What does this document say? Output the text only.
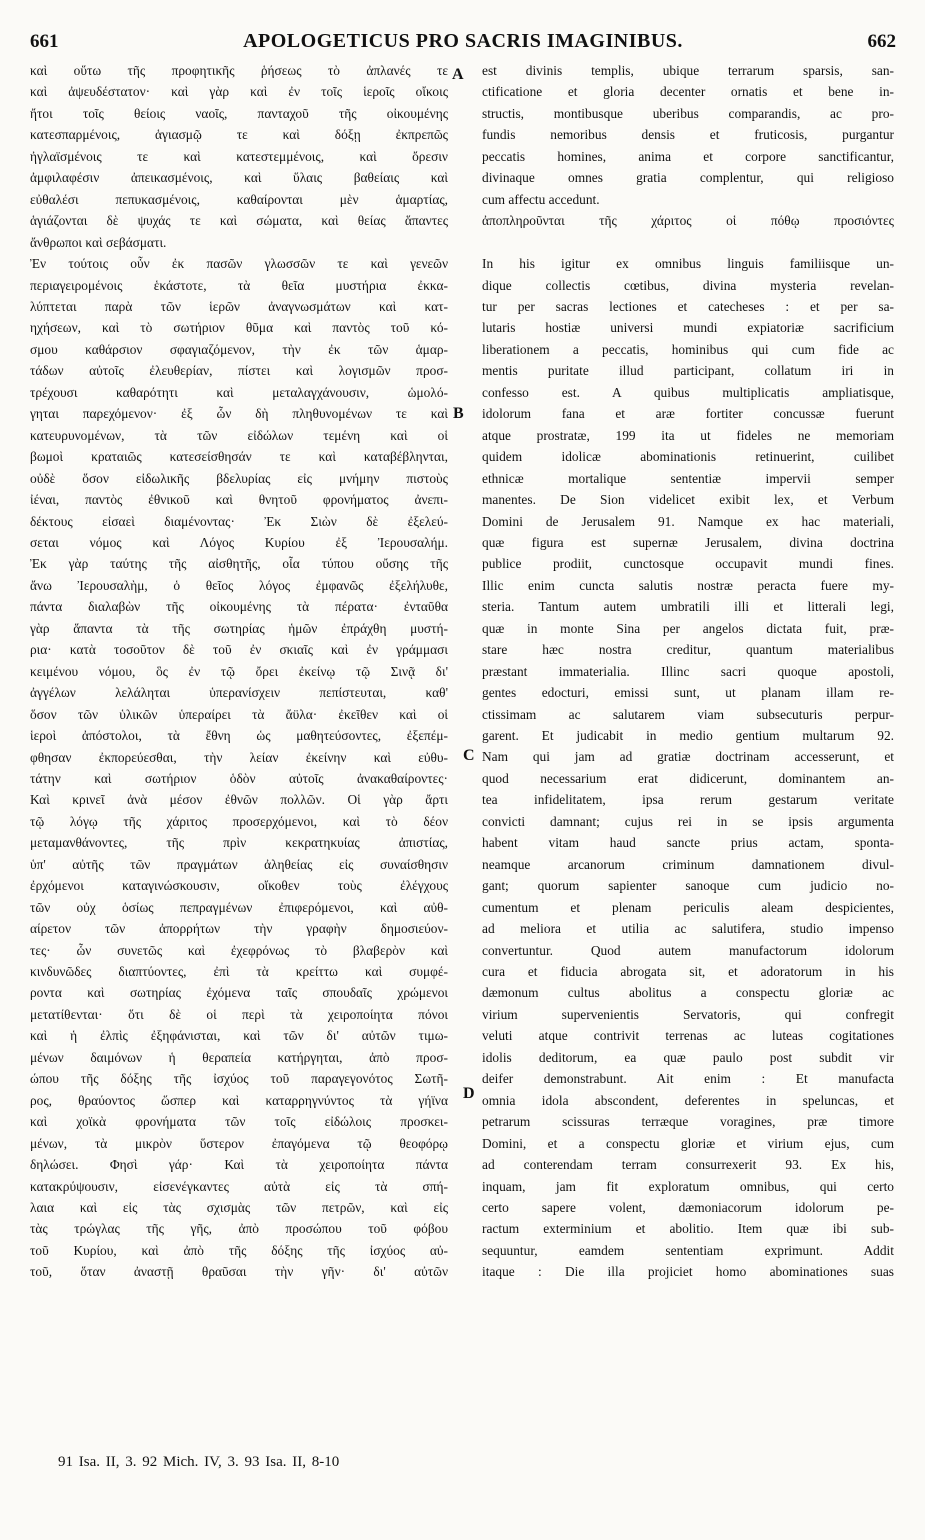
661	APOLOGETICUS PRO SACRIS IMAGINIBUS.	662

καὶ οὕτω τῆς προφητικῆς ῥήσεως τὸ ἀπλανές τε

καὶ ἀψευδέστατον· καὶ γὰρ καὶ ἐν τοῖς ἱεροῖς οἴκοις

ἤτοι τοῖς θείοις ναοῖς, πανταχοῦ τῆς οἰκουμένης

κατεσπαρμένοις, ἁγιασμῷ τε καὶ δόξῃ ἐκπρεπῶς

ἠγλαϊσμένοις τε καὶ κατεστεμμένοις, καὶ ὄρεσιν

ἀμφιλαφέσιν ἀπεικασμένοις, καὶ ὕλαις βαθείαις καὶ

εὐθαλέσι πεπυκασμένοις, καθαίρονται μὲν ἁμαρτίας,

ἁγιάζονται δὲ ψυχάς τε καὶ σώματα, καὶ θείας ἅπαντες

ἄνθρωποι καὶ σεβάσματι.

Ἐν τούτοις οὖν ἐκ πασῶν γλωσσῶν τε καὶ γενεῶν

περιαγειρομένοις ἑκάστοτε, τὰ θεῖα μυστήρια ἐκκα-

λύπτεται παρὰ τῶν ἱερῶν ἀναγνωσμάτων καὶ κατ-

ηχήσεων, καὶ τὸ σωτήριον θῦμα καὶ παντὸς τοῦ κό-

σμου καθάρσιον σφαγιαζόμενον, τὴν ἐκ τῶν ἁμαρ-

τάδων αὐτοῖς ἐλευθερίαν, πίστει καὶ λογισμῶν προσ-

τρέχουσι καθαρότητι καὶ μεταλαγχάνουσιν, ὡμολό-

γηται παρεχόμενον· ἐξ ὧν δὴ πληθυνομένων τε καὶ

κατευρυνομένων, τὰ τῶν εἰδώλων τεμένη καὶ οἱ

βωμοὶ κραταιῶς κατεσείσθησάν τε καὶ καταβέβληνται,

οὐδὲ ὅσον εἰδωλικῆς βδελυρίας εἰς μνήμην πιστοὺς

ἰέναι, παντὸς ἐθνικοῦ καὶ θνητοῦ φρονήματος ἀνεπι-

δέκτους εἰσαεὶ διαμένοντας· Ἐκ Σιὼν δὲ ἐξελεύ-

σεται νόμος καὶ Λόγος Κυρίου ἐξ Ἰερουσαλήμ.

Ἐκ γὰρ ταύτης τῆς αἰσθητῆς, οἷα τύπου οὔσης τῆς

ἄνω Ἰερουσαλὴμ, ὁ θεῖος λόγος ἐμφανῶς ἐξελήλυθε,

πάντα διαλαβὼν τῆς οἰκουμένης τὰ πέρατα· ἐνταῦθα

γὰρ ἅπαντα τὰ τῆς σωτηρίας ἡμῶν ἐπράχθη μυστή-

ρια· κατὰ τοσοῦτον δὲ τοῦ ἐν σκιαῖς καὶ ἐν γράμμασι

κειμένου νόμου, ὃς ἐν τῷ ὄρει ἐκείνῳ τῷ Σινᾷ δι'

ἀγγέλων λελάληται ὑπερανίσχειν πεπίστευται, καθ'

ὅσον τῶν ὑλικῶν ὑπεραίρει τὰ ἄϋλα· ἐκεῖθεν καὶ οἱ

ἱεροὶ ἀπόστολοι, τὰ ἔθνη ὡς μαθητεύσοντες, ἐξεπέμ-

φθησαν ἐκπορεύεσθαι, τὴν λείαν ἐκείνην καὶ εὐθυ-

τάτην καὶ σωτήριον ὁδὸν αὐτοῖς ἀνακαθαίροντες·

Καὶ κρινεῖ ἀνὰ μέσον ἐθνῶν πολλῶν. Οἱ γὰρ ἄρτι

τῷ λόγῳ τῆς χάριτος προσερχόμενοι, καὶ τὸ δέον

μεταμανθάνοντες, τῆς πρὶν κεκρατηκυίας ἀπιστίας,

ὑπ' αὐτῆς τῶν πραγμάτων ἀληθείας εἰς συναίσθησιν

ἐρχόμενοι καταγινώσκουσιν, οἴκοθεν τοὺς ἐλέγχους

τῶν οὐχ ὁσίως πεπραγμένων ἐπιφερόμενοι, καὶ αὐθ-

αίρετον τῶν ἀπορρήτων τὴν γραφὴν δημοσιεύον-

τες· ὧν συνετῶς καὶ ἐχεφρόνως τὸ βλαβερὸν καὶ

κινδυνῶδες διαπτύοντες, ἐπὶ τὰ κρείττω καὶ συμφέ-

ροντα καὶ σωτηρίας ἐχόμενα ταῖς σπουδαῖς χρώμενοι

μετατίθενται· ὅτι δὲ οἱ περὶ τὰ χειροποίητα πόνοι

καὶ ἡ ἐλπὶς ἐξηφάνισται, καὶ τῶν δι' αὐτῶν τιμω-

μένων δαιμόνων ἡ θεραπεία κατήργηται, ἀπὸ προσ-

ώπου τῆς δόξης τῆς ἰσχύος τοῦ παραγεγονότος Σωτῆ-

ρος, θραύοντος ὥσπερ καὶ καταρρηγνύντος τὰ γήϊνα

καὶ χοϊκὰ φρονήματα τῶν τοῖς εἰδώλοις προσκει-

μένων, τὰ μικρὸν ὕστερον ἐπαγόμενα τῷ θεοφόρῳ

δηλώσει. Φησὶ γάρ· Καὶ τὰ χειροποίητα πάντα

κατακρύψουσιν, εἰσενέγκαντες αὐτὰ εἰς τὰ σπή-

λαια καὶ εἰς τὰς σχισμὰς τῶν πετρῶν, καὶ εἰς

τὰς τρώγλας τῆς γῆς, ἀπὸ προσώπου τοῦ φόβου

τοῦ Κυρίου, καὶ ἀπὸ τῆς δόξης τῆς ἰσχύος αὐ-

τοῦ, ὅταν ἀναστῇ θραῦσαι τὴν γῆν· δι' αὐτῶν

est divinis templis, ubique terrarum sparsis, san-

ctificatione et gloria decenter ornatis et bene in-

structis, montibusque uberibus comparandis, ac pro-

fundis nemoribus densis et fruticosis, purgantur

peccatis homines, anima et corpore sanctificantur,

divinaque omnes gratia complentur, qui religioso

cum affectu accedunt.

ἀποπληροῦνται τῆς χάριτος οἱ πόθῳ προσιόντες

In his igitur ex omnibus linguis familiisque un-

dique collectis cœtibus, divina mysteria revelan-

tur per sacras lectiones et catecheses : et per sa-

lutaris hostiæ universi mundi expiatoriæ sacrificium

liberationem a peccatis, hominibus qui cum fide ac

mentis puritate illud participant, collatum iri in

confesso est. A quibus multiplicatis ampliatisque,

idolorum fana et aræ fortiter concussæ fuerunt

atque prostratæ, 199 ita ut fideles ne memoriam

quidem idolicæ abominationis retinuerint, cuilibet

ethnicæ mortalique sententiæ impervii semper

manentes. De Sion videlicet exibit lex, et Verbum

Domini de Jerusalem 91. Namque ex hac materiali,

quæ figura est supernæ Jerusalem, divina doctrina

publice prodiit, cunctosque occupavit mundi fines.

Illic enim cuncta salutis nostræ peracta fuere my-

steria. Tantum autem umbratili illi et litterali legi,

quæ in monte Sina per angelos dictata fuit, præ-

stare hæc nostra creditur, quantum materialibus

præstant immaterialia. Illinc sacri quoque apostoli,

gentes edocturi, emissi sunt, ut planam illam re-

ctissimam ac salutarem viam subsecuturis perpur-

garent. Et judicabit in medio gentium multarum 92.

Nam qui jam ad gratiæ doctrinam accesserunt, et

quod necessarium erat didicerunt, dominantem an-

tea infidelitatem, ipsa rerum gestarum veritate

convicti damnant; cujus rei in se ipsis argumenta

habent vitam haud sancte prius actam, sponta-

neamque arcanorum criminum damnationem divul-

gant; quorum sapienter sanoque cum judicio no-

cumentum et plenam periculis aleam despicientes,

ad meliora et utilia ac salutifera, studio impenso

convertuntur. Quod autem manufactorum idolorum

cura et fiducia abrogata sit, et adoratorum in his

dæmonum cultus abolitus a conspectu gloriæ ac

virium supervenientis Servatoris, qui confregit

veluti atque contrivit terrenas ac luteas cogitationes

idolis deditorum, ea quæ paulo post subdit vir

deifer demonstrabunt. Ait enim : Et manufacta

omnia idola abscondent, deferentes in speluncas, et

petrarum scissuras terræque voragines, præ timore

Domini, et a conspectu gloriæ et virium ejus, cum

ad conterendam terram consurrexerit 93. Ex his,

inquam, jam fit exploratum omnibus, qui certo

certo sapere volent, dæmoniacorum idolorum pe-

ractum exterminium et abolitio. Item quæ ibi sub-

sequuntur, eamdem sententiam exprimunt. Addit

itaque : Die illa projiciet homo abominationes suas

A
B
C
D
91 Isa. II, 3. 92 Mich. IV, 3. 93 Isa. II, 8-10
